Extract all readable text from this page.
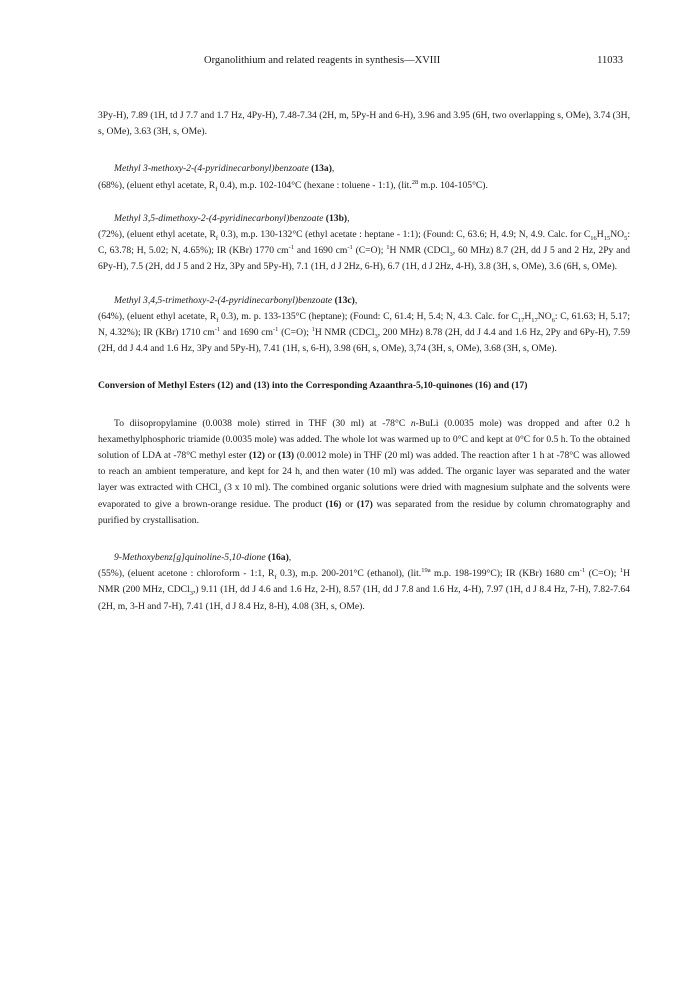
Organolithium and related reagents in synthesis—XVIII	11033

3Py-H), 7.89 (1H, td J 7.7 and 1.7 Hz, 4Py-H), 7.48-7.34 (2H, m, 5Py-H and 6-H), 3.96 and 3.95 (6H, two overlapping s, OMe), 3.74 (3H, s, OMe), 3.63 (3H, s, OMe).

Methyl 3-methoxy-2-(4-pyridinecarbonyl)benzoate (13a),

(68%), (eluent ethyl acetate, $R_f$ 0.4), m.p. 102-104°C (hexane : toluene - 1:1), (lit.$^{28}$ m.p. 104-105°C).

Methyl 3,5-dimethoxy-2-(4-pyridinecarbonyl)benzoate (13b),

(72%), (eluent ethyl acetate, $R_f$ 0.3), m.p. 130-132°C (ethyl acetate : heptane - 1:1); (Found: C, 63.6; H, 4.9; N, 4.9. Calc. for $C_{16}H_{15}NO_5$: C, 63.78; H, 5.02; N, 4.65%); IR (KBr) 1770 $cm^{-1}$ and 1690 $cm^{-1}$ (C=O); $^1$H NMR (CDCl$_3$, 60 MHz) 8.7 (2H, dd J 5 and 2 Hz, 2Py and 6Py-H), 7.5 (2H, dd J 5 and 2 Hz, 3Py and 5Py-H), 7.1 (1H, d J 2Hz, 6-H), 6.7 (1H, d J 2Hz, 4-H), 3.8 (3H, s, OMe), 3.6 (6H, s, OMe).

Methyl 3,4,5-trimethoxy-2-(4-pyridinecarbonyl)benzoate (13c),

(64%), (eluent ethyl acetate, $R_f$ 0.3), m. p. 133-135°C (heptane); (Found: C, 61.4; H, 5.4; N, 4.3. Calc. for $C_{17}H_{17}NO_6$: C, 61.63; H, 5.17; N, 4.32%); IR (KBr) 1710 $cm^{-1}$ and 1690 $cm^{-1}$ (C=O); $^1$H NMR (CDCl$_3$, 200 MHz) 8.78 (2H, dd J 4.4 and 1.6 Hz, 2Py and 6Py-H), 7.59 (2H, dd J 4.4 and 1.6 Hz, 3Py and 5Py-H), 7.41 (1H, s, 6-H), 3.98 (6H, s, OMe), 3,74 (3H, s, OMe), 3.68 (3H, s, OMe).

Conversion of Methyl Esters (12) and (13) into the Corresponding Azaanthra-5,10-quinones (16) and (17)

To diisopropylamine (0.0038 mole) stirred in THF (30 ml) at -78°C n-BuLi (0.0035 mole) was dropped and after 0.2 h hexamethylphosphoric triamide (0.0035 mole) was added. The whole lot was warmed up to 0°C and kept at 0°C for 0.5 h. To the obtained solution of LDA at -78°C methyl ester (12) or (13) (0.0012 mole) in THF (20 ml) was added. The reaction after 1 h at -78°C was allowed to reach an ambient temperature, and kept for 24 h, and then water (10 ml) was added. The organic layer was separated and the water layer was extracted with CHCl$_3$ (3 x 10 ml). The combined organic solutions were dried with magnesium sulphate and the solvents were evaporated to give a brown-orange residue. The product (16) or (17) was separated from the residue by column chromatography and purified by crystallisation.

9-Methoxybenz[g]quinoline-5,10-dione (16a),

(55%), (eluent acetone : chloroform - 1:1, $R_f$ 0.3), m.p. 200-201°C (ethanol), (lit.$^{19a}$ m.p. 198-199°C); IR (KBr) 1680 $cm^{-1}$ (C=O); $^1$H NMR (200 MHz, CDCl$_3$,) 9.11 (1H, dd J 4.6 and 1.6 Hz, 2-H), 8.57 (1H, dd J 7.8 and 1.6 Hz, 4-H), 7.97 (1H, d J 8.4 Hz, 7-H), 7.82-7.64 (2H, m, 3-H and 7-H), 7.41 (1H, d J 8.4 Hz, 8-H), 4.08 (3H, s, OMe).
